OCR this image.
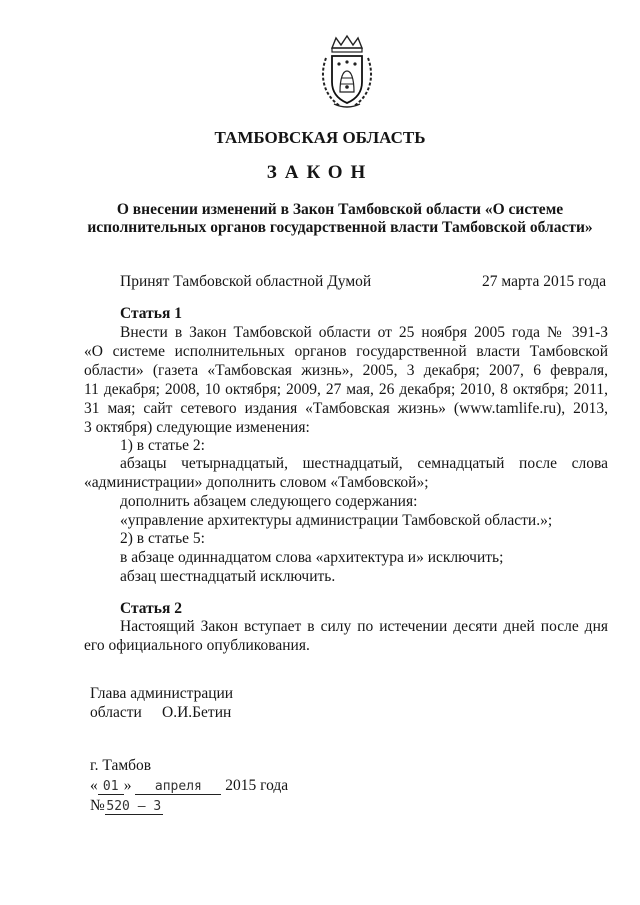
ТАМБОВСКАЯ ОБЛАСТЬ
ЗАКОН
О внесении изменений в Закон Тамбовской области «О системе
исполнительных органов государственной власти Тамбовской области»
Принят Тамбовской областной Думой	27 марта 2015 года
Статья 1
Внести в Закон Тамбовской области от 25 ноября 2005 года № 391-З
«О системе исполнительных органов государственной власти Тамбовской
области» (газета «Тамбовская жизнь», 2005, 3 декабря; 2007, 6 февраля,
11 декабря; 2008, 10 октября; 2009, 27 мая, 26 декабря; 2010, 8 октября; 2011,
31 мая; сайт сетевого издания «Тамбовская жизнь» (www.tamlife.ru), 2013,
3 октября) следующие изменения:
1) в статье 2:
абзацы четырнадцатый, шестнадцатый, семнадцатый после слова
«администрации» дополнить словом «Тамбовской»;
дополнить абзацем следующего содержания:
«управление архитектуры администрации Тамбовской области.»;
2) в статье 5:
в абзаце одиннадцатом слова «архитектура и» исключить;
абзац шестнадцатый исключить.
Статья 2
Настоящий Закон вступает в силу по истечении десяти дней после дня
его официального опубликования.
Глава администрации
области О.И.Бетин
г. Тамбов
« 01 » апреля 2015 года
№ 520 – 3
